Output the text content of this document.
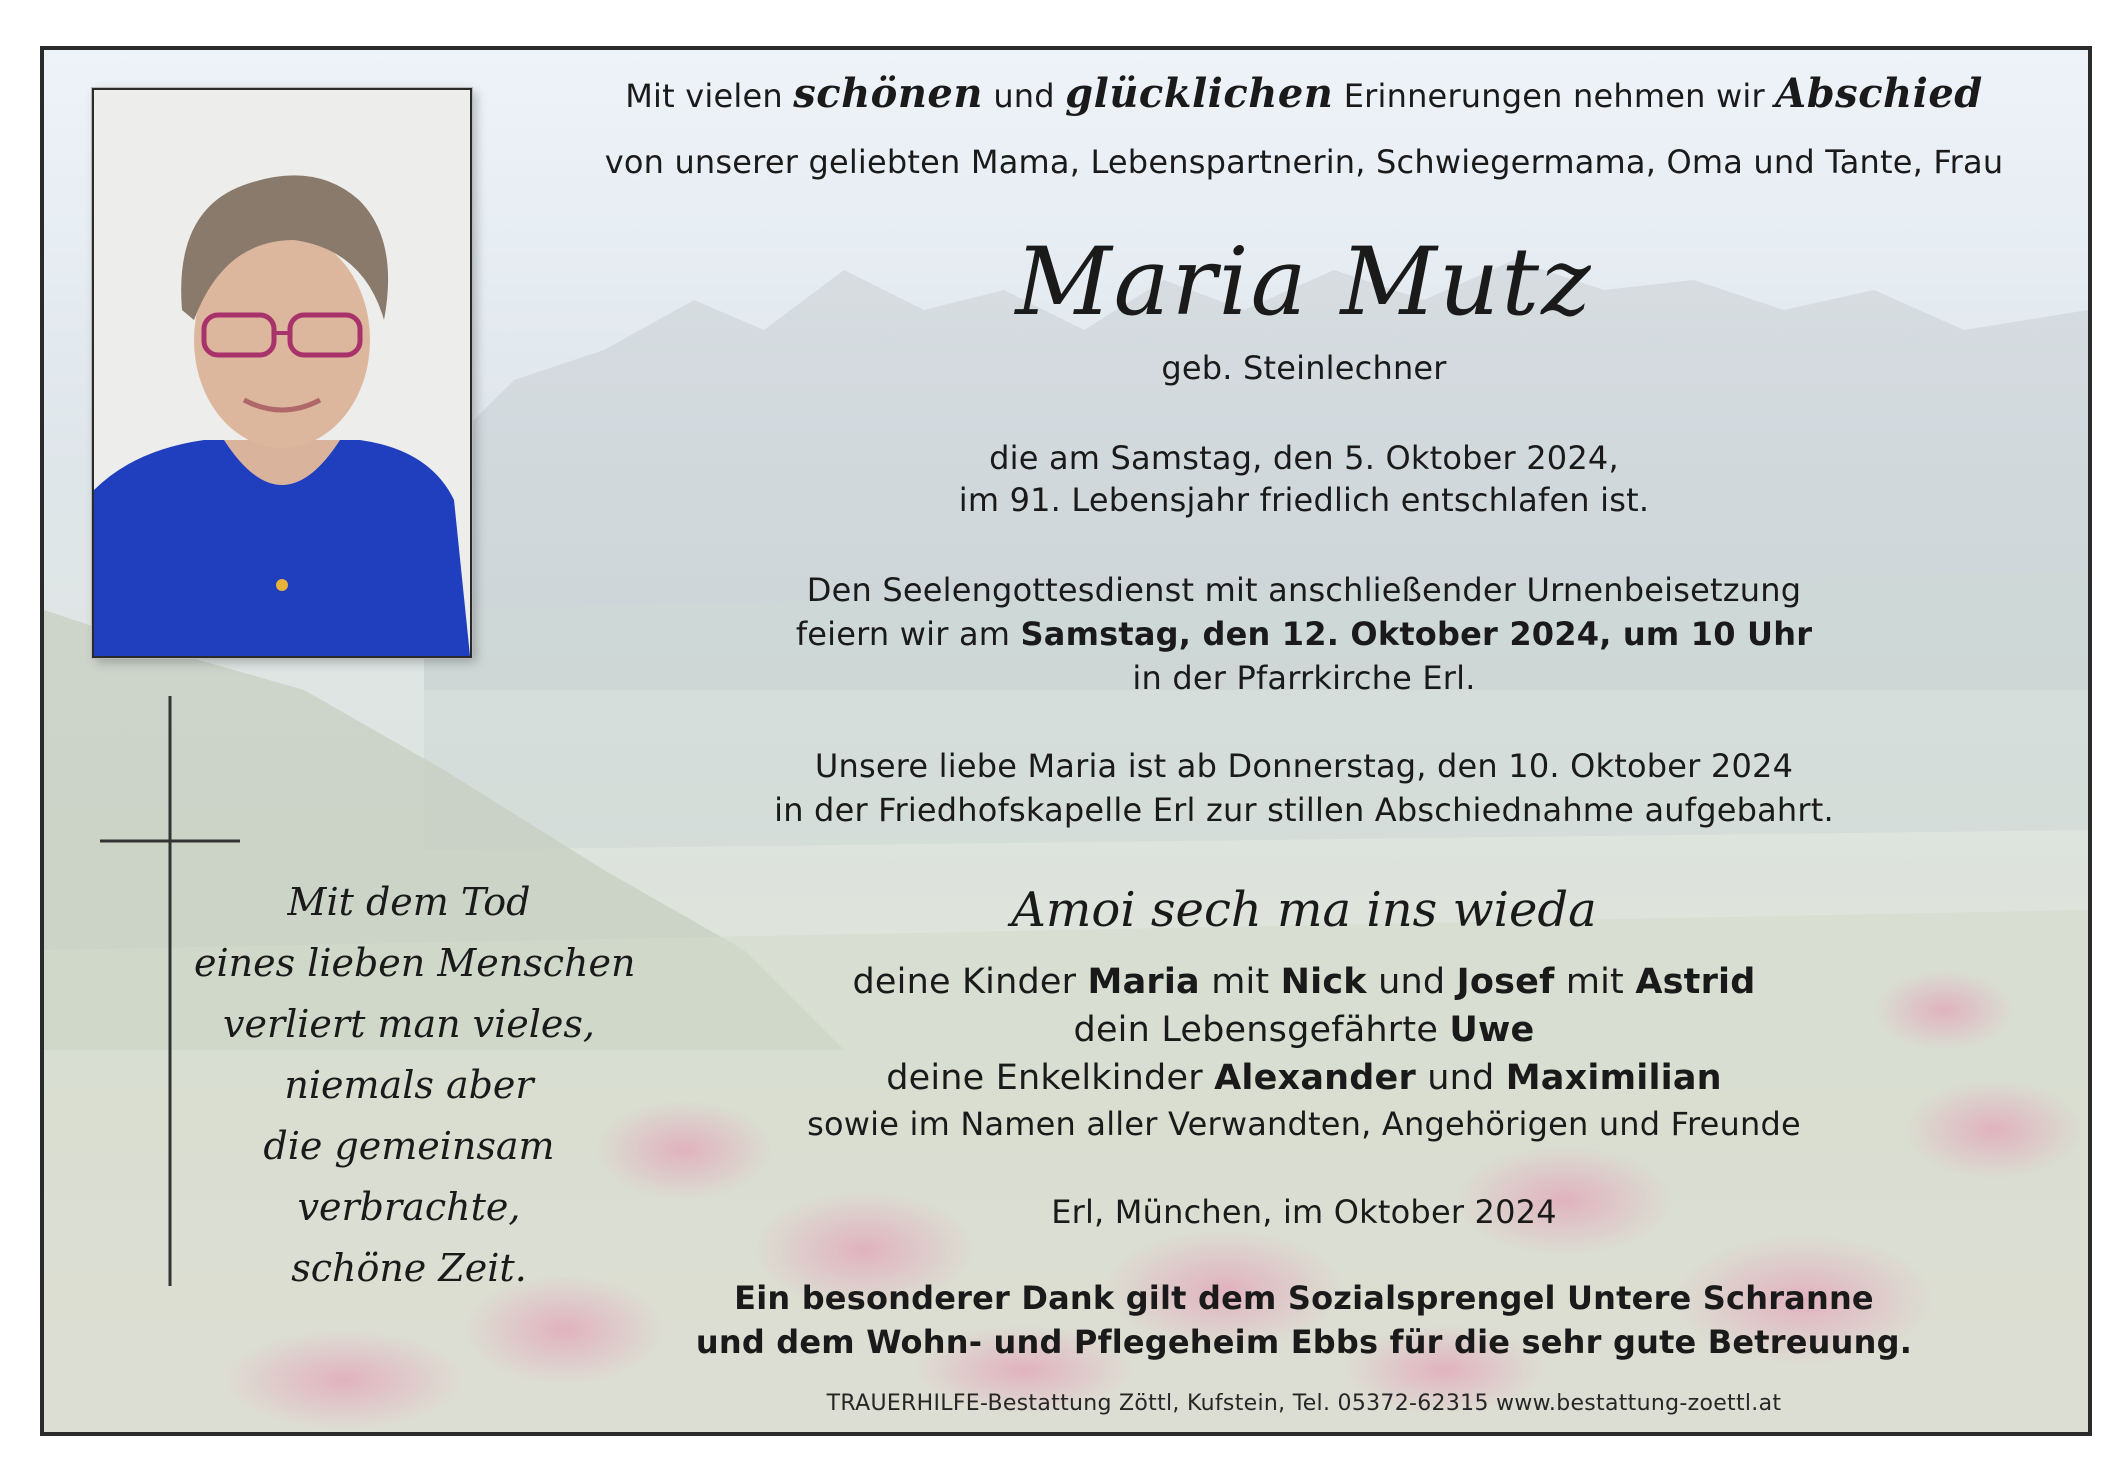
Mit dem Tod
eines lieben Menschen
verliert man vieles,
niemals aber
die gemeinsam
verbrachte,
schöne Zeit.
Mit vielen schönen und glücklichen Erinnerungen nehmen wir Abschied
von unserer geliebten Mama, Lebenspartnerin, Schwiegermama, Oma und Tante, Frau
Maria Mutz
geb. Steinlechner
die am Samstag, den 5. Oktober 2024,
im 91. Lebensjahr friedlich entschlafen ist.
Den Seelengottesdienst mit anschließender Urnenbeisetzung
feiern wir am Samstag, den 12. Oktober 2024, um 10 Uhr
in der Pfarrkirche Erl.
Unsere liebe Maria ist ab Donnerstag, den 10. Oktober 2024
in der Friedhofskapelle Erl zur stillen Abschiednahme aufgebahrt.
Amoi sech ma ins wieda
deine Kinder Maria mit Nick und Josef mit Astrid
dein Lebensgefährte Uwe
deine Enkelkinder Alexander und Maximilian
sowie im Namen aller Verwandten, Angehörigen und Freunde
Erl, München, im Oktober 2024
Ein besonderer Dank gilt dem Sozialsprengel Untere Schranne
und dem Wohn- und Pflegeheim Ebbs für die sehr gute Betreuung.
TRAUERHILFE-Bestattung Zöttl, Kufstein, Tel. 05372-62315 www.bestattung-zoettl.at
